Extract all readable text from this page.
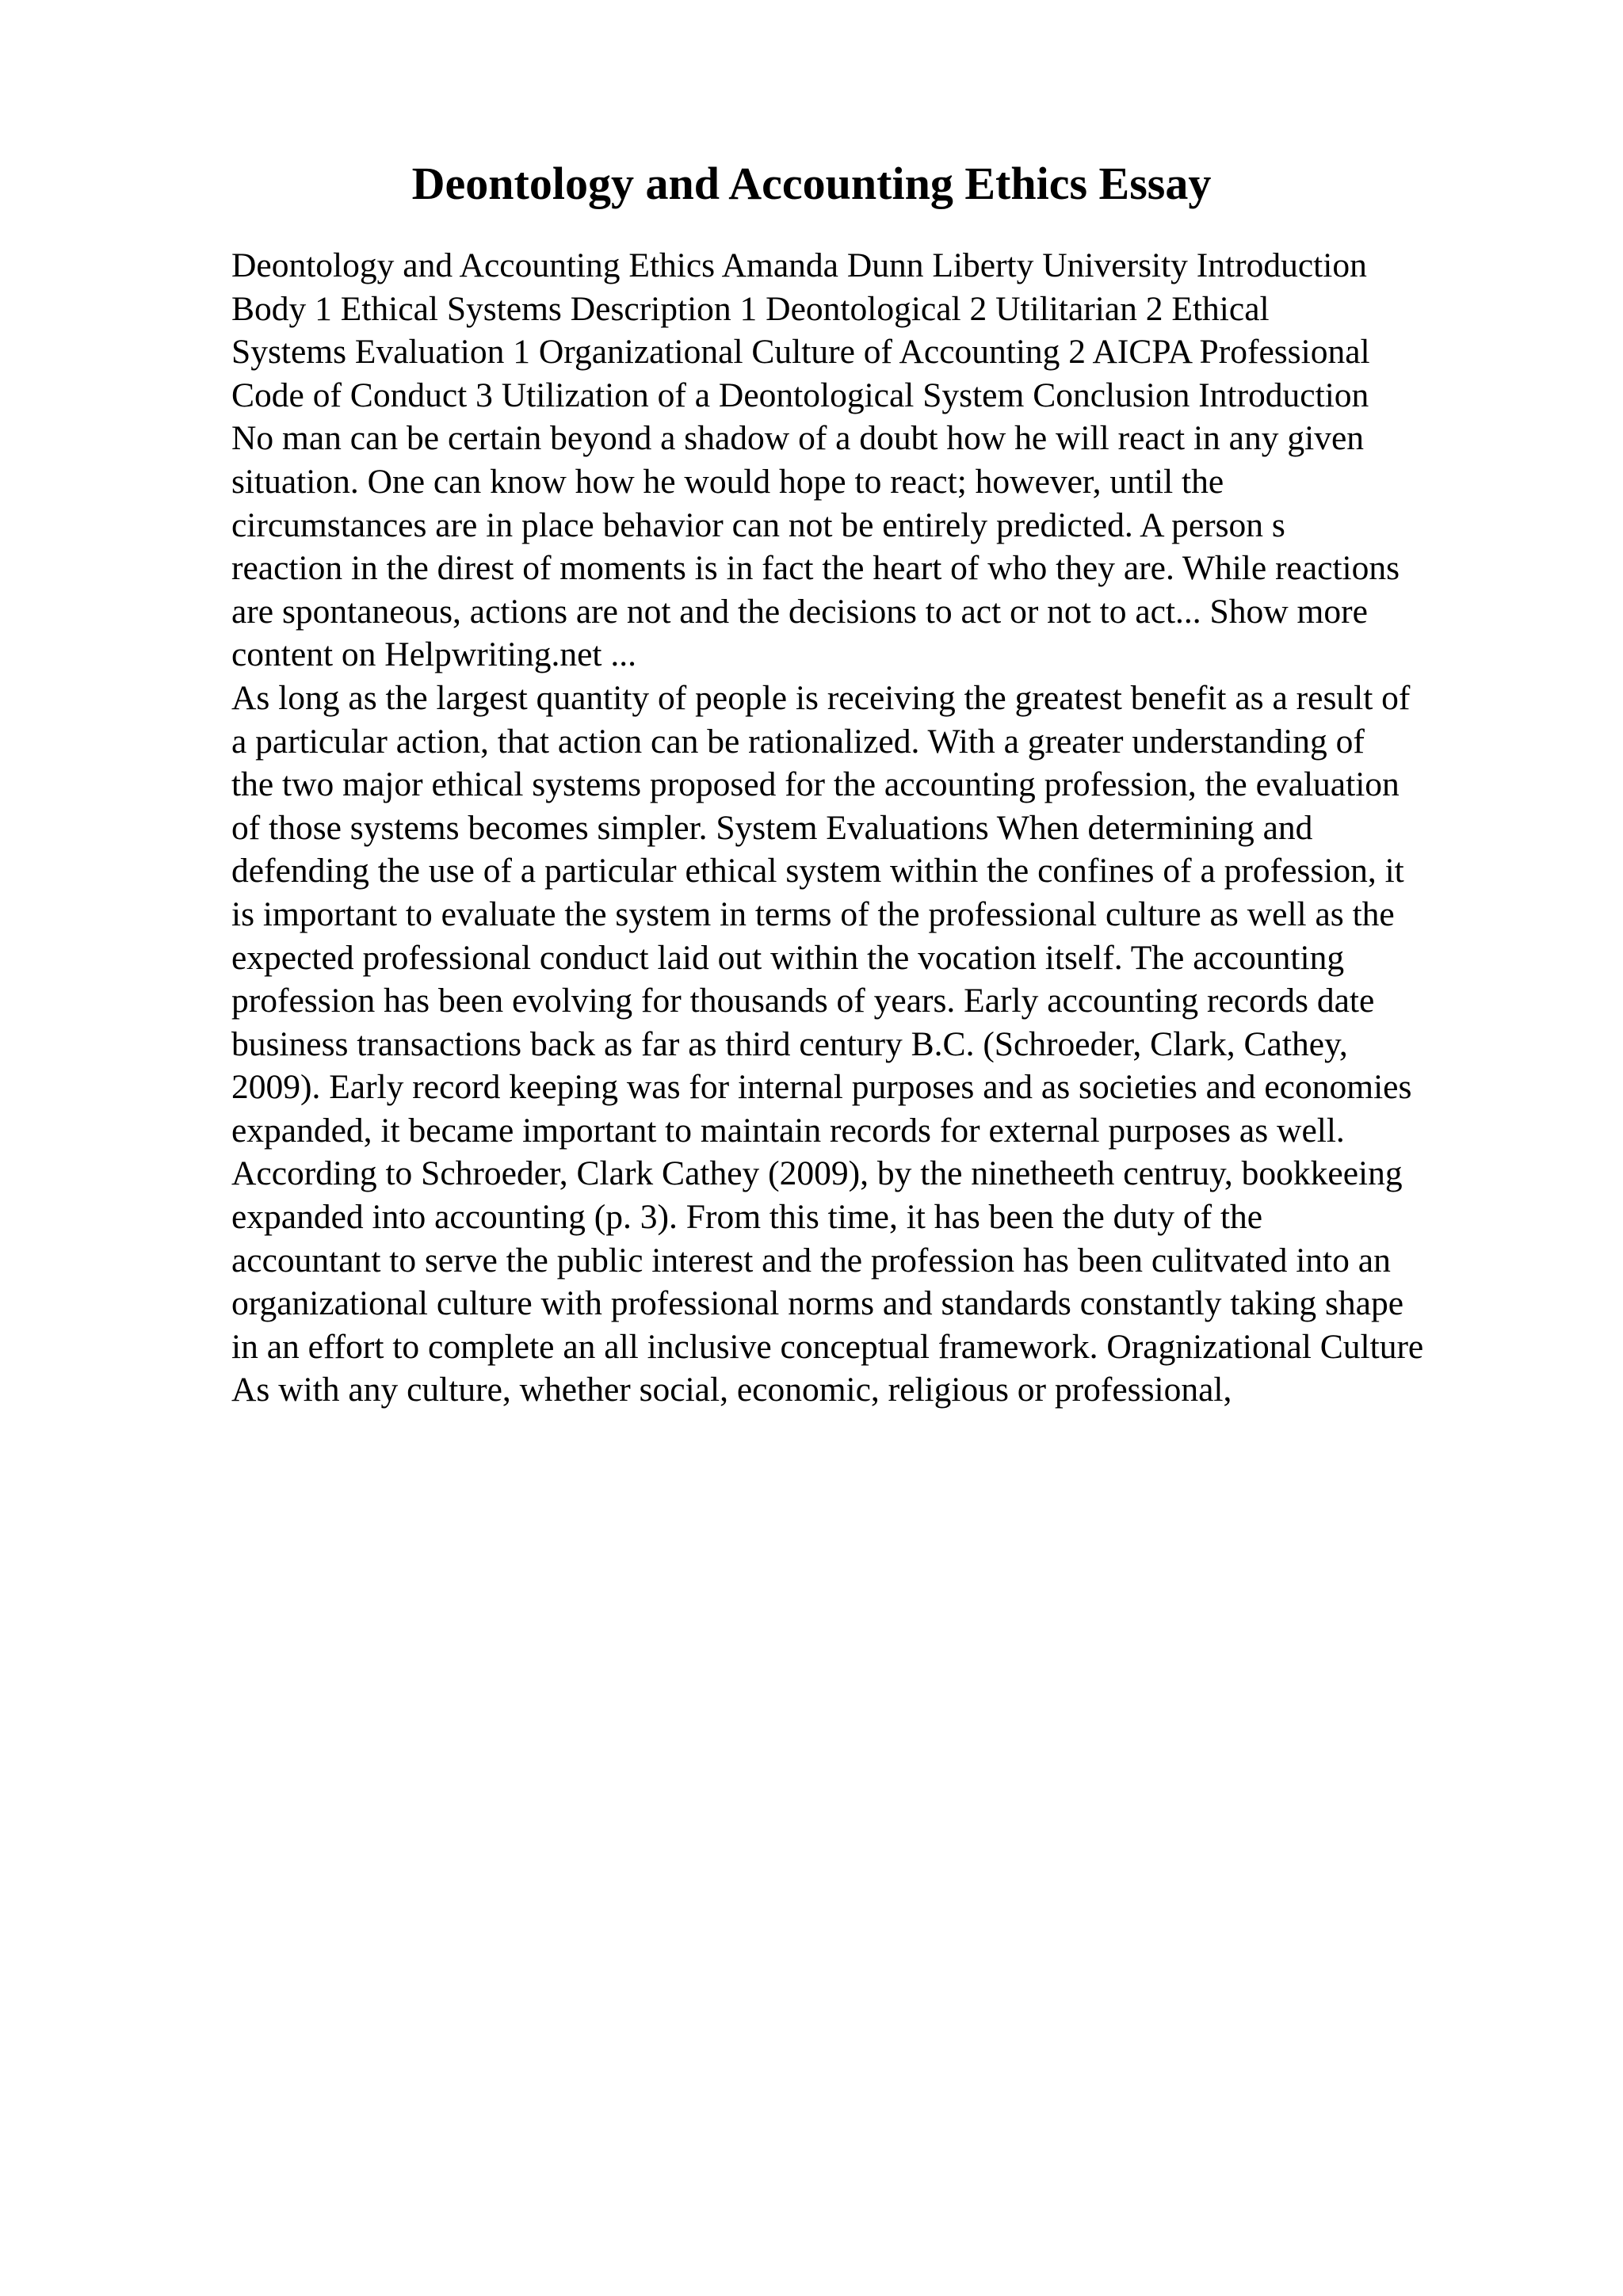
Deontology and Accounting Ethics Essay
Deontology and Accounting Ethics Amanda Dunn Liberty University Introduction
Body 1 Ethical Systems Description 1 Deontological 2 Utilitarian 2 Ethical
Systems Evaluation 1 Organizational Culture of Accounting 2 AICPA Professional
Code of Conduct 3 Utilization of a Deontological System Conclusion Introduction
No man can be certain beyond a shadow of a doubt how he will react in any given
situation. One can know how he would hope to react; however, until the
circumstances are in place behavior can not be entirely predicted. A person s
reaction in the direst of moments is in fact the heart of who they are. While reactions
are spontaneous, actions are not and the decisions to act or not to act... Show more
content on Helpwriting.net ...
As long as the largest quantity of people is receiving the greatest benefit as a result of
a particular action, that action can be rationalized. With a greater understanding of
the two major ethical systems proposed for the accounting profession, the evaluation
of those systems becomes simpler. System Evaluations When determining and
defending the use of a particular ethical system within the confines of a profession, it
is important to evaluate the system in terms of the professional culture as well as the
expected professional conduct laid out within the vocation itself. The accounting
profession has been evolving for thousands of years. Early accounting records date
business transactions back as far as third century B.C. (Schroeder, Clark, Cathey,
2009). Early record keeping was for internal purposes and as societies and economies
expanded, it became important to maintain records for external purposes as well.
According to Schroeder, Clark Cathey (2009), by the ninetheeth centruy, bookkeeing
expanded into accounting (p. 3). From this time, it has been the duty of the
accountant to serve the public interest and the profession has been culitvated into an
organizational culture with professional norms and standards constantly taking shape
in an effort to complete an all inclusive conceptual framework. Oragnizational Culture
As with any culture, whether social, economic, religious or professional,
